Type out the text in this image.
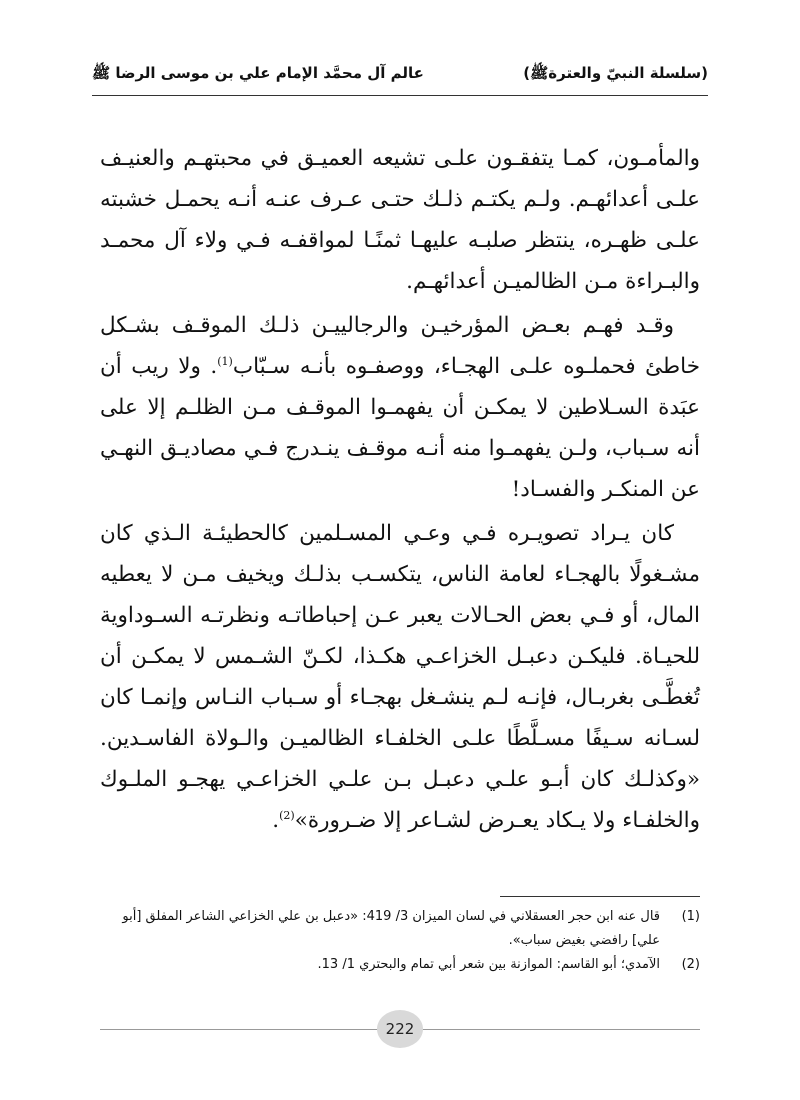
(سلسلة النبيّ والعترةﷺ)
عالم آل محمَّد الإمام علي بن موسى الرضا ﷺ

والمأمـون، كمـا يتفقـون علـى تشيعه العميـق في محبتهـم والعنيـف علـى أعدائهـم. ولـم يكتـم ذلـك حتـى عـرف عنـه أنـه يحمـل خشبته علـى ظهـره، ينتظر صلبـه عليهـا ثمنًـا لمواقفـه فـي ولاء آل محمـد والبـراءة مـن الظالميـن أعدائهـم.

وقـد فهـم بعـض المؤرخيـن والرجالييـن ذلـك الموقـف بشـكل خاطئ فحملـوه علـى الهجـاء، ووصفـوه بأنـه سـبّاب$^{(1)}$. ولا ريب أن عبَدة السـلاطين لا يمكـن أن يفهمـوا الموقـف مـن الظلـم إلا على أنه سـباب، ولـن يفهمـوا منه أنـه موقـف ينـدرج فـي مصاديـق النهـي عن المنكـر والفسـاد!

كان يـراد تصويـره فـي وعـي المسـلمين كالحطيئـة الـذي كان مشـغولًا بالهجـاء لعامة الناس، يتكسـب بذلـك ويخيف مـن لا يعطيه المال، أو فـي بعض الحـالات يعبر عـن إحباطاتـه ونظرتـه السـوداوية للحيـاة. فليكـن دعبـل الخزاعـي هكـذا، لكـنّ الشـمس لا يمكـن أن تُغطَّـى بغربـال، فإنـه لـم ينشـغل بهجـاء أو سـباب النـاس وإنمـا كان لسـانه سـيفًا مسـلَّطًا علـى الخلفـاء الظالميـن والـولاة الفاسـدين. «وكذلـك كان أبـو علـي دعبـل بـن علـي الخزاعـي يهجـو الملـوك والخلفـاء ولا يـكاد يعـرض لشـاعر إلا ضـرورة»$^{(2)}$.

(1)
قال عنه ابن حجر العسقلاني في لسان الميزان 3/ 419: «دعبل بن علي الخزاعي الشاعر المفلق [أبو علي] رافضي بغيض سباب».
(2)
الآمدي؛ أبو القاسم: الموازنة بين شعر أبي تمام والبحتري 1/ 13.
222
